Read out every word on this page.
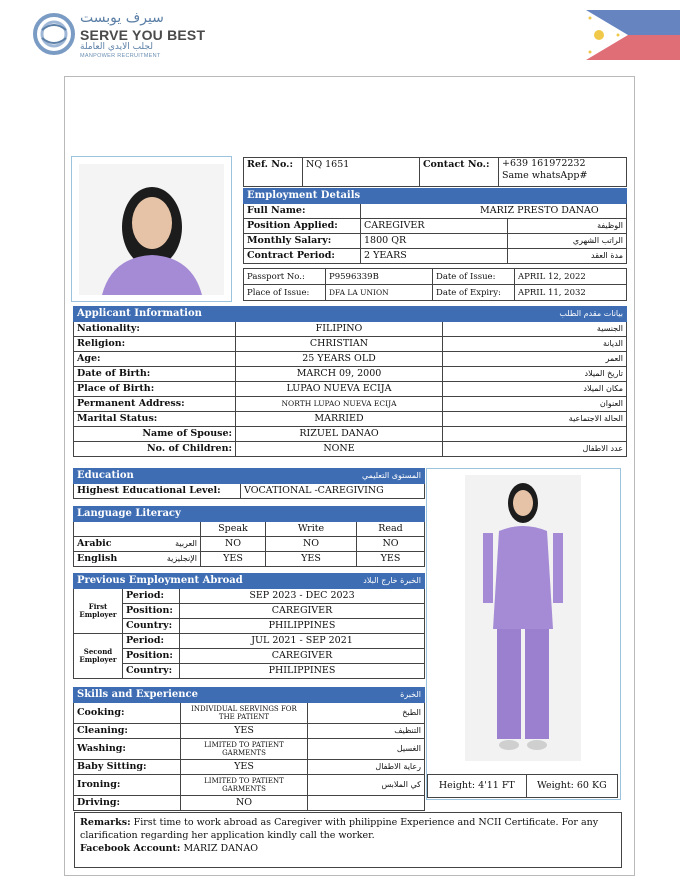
سيرف يوبست
SERVE YOU BEST
لجلب الايدي العاملة
MANPOWER RECRUITMENT
Ref. No.:	NQ 1651	Contact No.:	+639 161972232
Same whatsApp#
Employment Details		
Full Name:	MARIZ PRESTO DANAO	
Position Applied:	CAREGIVER	الوظيفة
Monthly Salary:	1800 QR	الراتب الشهري
Contract Period:	2 YEARS	مدة العقد
Passport No.:	P9596339B	Date of Issue:	APRIL 12, 2022
Place of Issue:	DFA LA UNION	Date of Expiry:	APRIL 11, 2032
Applicant Information بيانات مقدم الطلب		

Nationality:	FILIPINO	الجنسية
Religion:	CHRISTIAN	الديانة
Age:	25 YEARS OLD	العمر
Date of Birth:	MARCH 09, 2000	تاريخ الميلاد
Place of Birth:	LUPAO NUEVA ECIJA	مكان الميلاد
Permanent Address:	NORTH LUPAO NUEVA ECIJA	العنوان
Marital Status:	MARRIED	الحالة الاجتماعية
Name of Spouse:	RIZUEL DANAO	
No. of Children:	NONE	عدد الاطفال
Education	المستوى التعليمي

Highest Educational Level:	VOCATIONAL -CAREGIVING
Language Literacy			
	Speak	Write	Read
Arabic العربية	NO	NO	NO
English الإنجليزية	YES	YES	YES
Previous Employment Abroad الخبرة خارج البلاد		

First Employer	Period:	SEP 2023 - DEC 2023
	Position:	CAREGIVER
	Country:	PHILIPPINES
Second Employer	Period:	JUL 2021 - SEP 2021
	Position:	CAREGIVER
	Country:	PHILIPPINES
Skills and Experience الخبرة		

Cooking:	INDIVIDUAL SERVINGS FOR THE PATIENT	الطبخ
Cleaning:	YES	التنظيف
Washing:	LIMITED TO PATIENT GARMENTS	الغسيل
Baby Sitting:	YES	رعاية الاطفال
Ironing:	LIMITED TO PATIENT GARMENTS	كي الملابس
Driving:	NO	
Height: 4'11 FT	Weight: 60 KG
Remarks: First time to work abroad as Caregiver with philippine Experience and NCII Certificate. For any clarification regarding her application kindly call the worker.
Facebook Account: MARIZ DANAO
